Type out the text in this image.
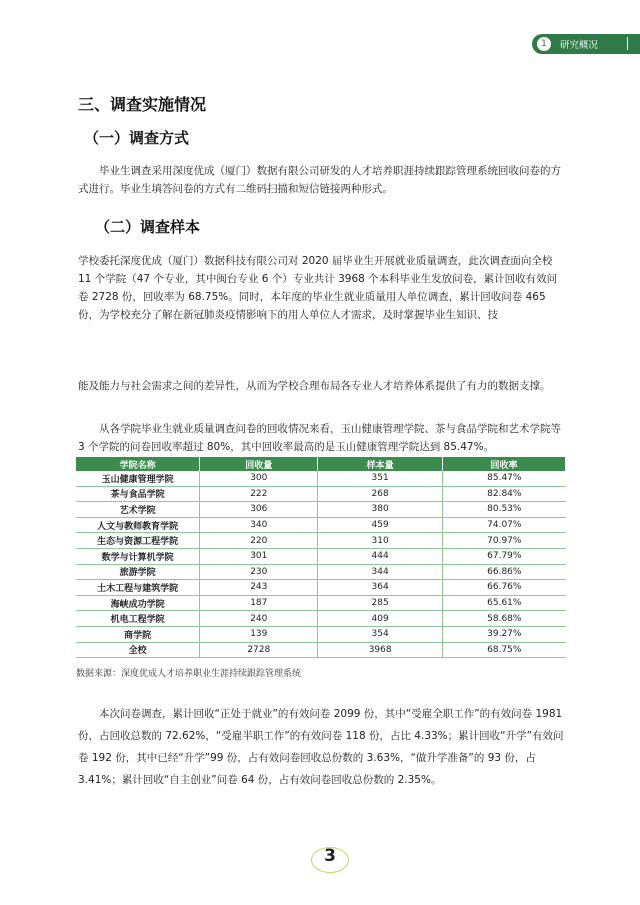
1	研究概况
三、调查实施情况
（一）调查方式
毕业生调查采用深度优成（厦门）数据有限公司研发的人才培养职涯持续跟踪管理系统回收问卷的方式进行。毕业生填答问卷的方式有二维码扫描和短信链接两种形式。
（二）调查样本
学校委托深度优成（厦门）数据科技有限公司对 2020 届毕业生开展就业质量调查，此次调查面向全校 11 个学院（47 个专业，其中闽台专业 6 个）专业共计 3968 个本科毕业生发放问卷，累计回收有效问卷 2728 份，回收率为 68.75%。同时，本年度的毕业生就业质量用人单位调查，累计回收问卷 465 份，为学校充分了解在新冠肺炎疫情影响下的用人单位人才需求，及时掌握毕业生知识、技
能及能力与社会需求之间的差异性，从而为学校合理布局各专业人才培养体系提供了有力的数据支撑。
从各学院毕业生就业质量调查问卷的回收情况来看，玉山健康管理学院、茶与食品学院和艺术学院等 3 个学院的问卷回收率超过 80%，其中回收率最高的是玉山健康管理学院达到 85.47%。
学院名称	回收量	样本量	回收率
玉山健康管理学院	300	351	85.47%
茶与食品学院	222	268	82.84%
艺术学院	306	380	80.53%
人文与教师教育学院	340	459	74.07%
生态与资源工程学院	220	310	70.97%
数学与计算机学院	301	444	67.79%
旅游学院	230	344	66.86%
土木工程与建筑学院	243	364	66.76%
海峡成功学院	187	285	65.61%
机电工程学院	240	409	58.68%
商学院	139	354	39.27%
全校	2728	3968	68.75%
数据来源：深度优成人才培养职业生涯持续跟踪管理系统
本次问卷调查，累计回收“正处于就业”的有效问卷 2099 份，其中“受雇全职工作”的有效问卷 1981 份，占回收总数的 72.62%，“受雇半职工作”的有效问卷 118 份，占比 4.33%；累计回收“升学”有效问卷 192 份，其中已经“升学”99 份，占有效问卷回收总份数的 3.63%，“做升学准备”的 93 份，占 3.41%；累计回收“自主创业”问卷 64 份，占有效问卷回收总份数的 2.35%。
3
